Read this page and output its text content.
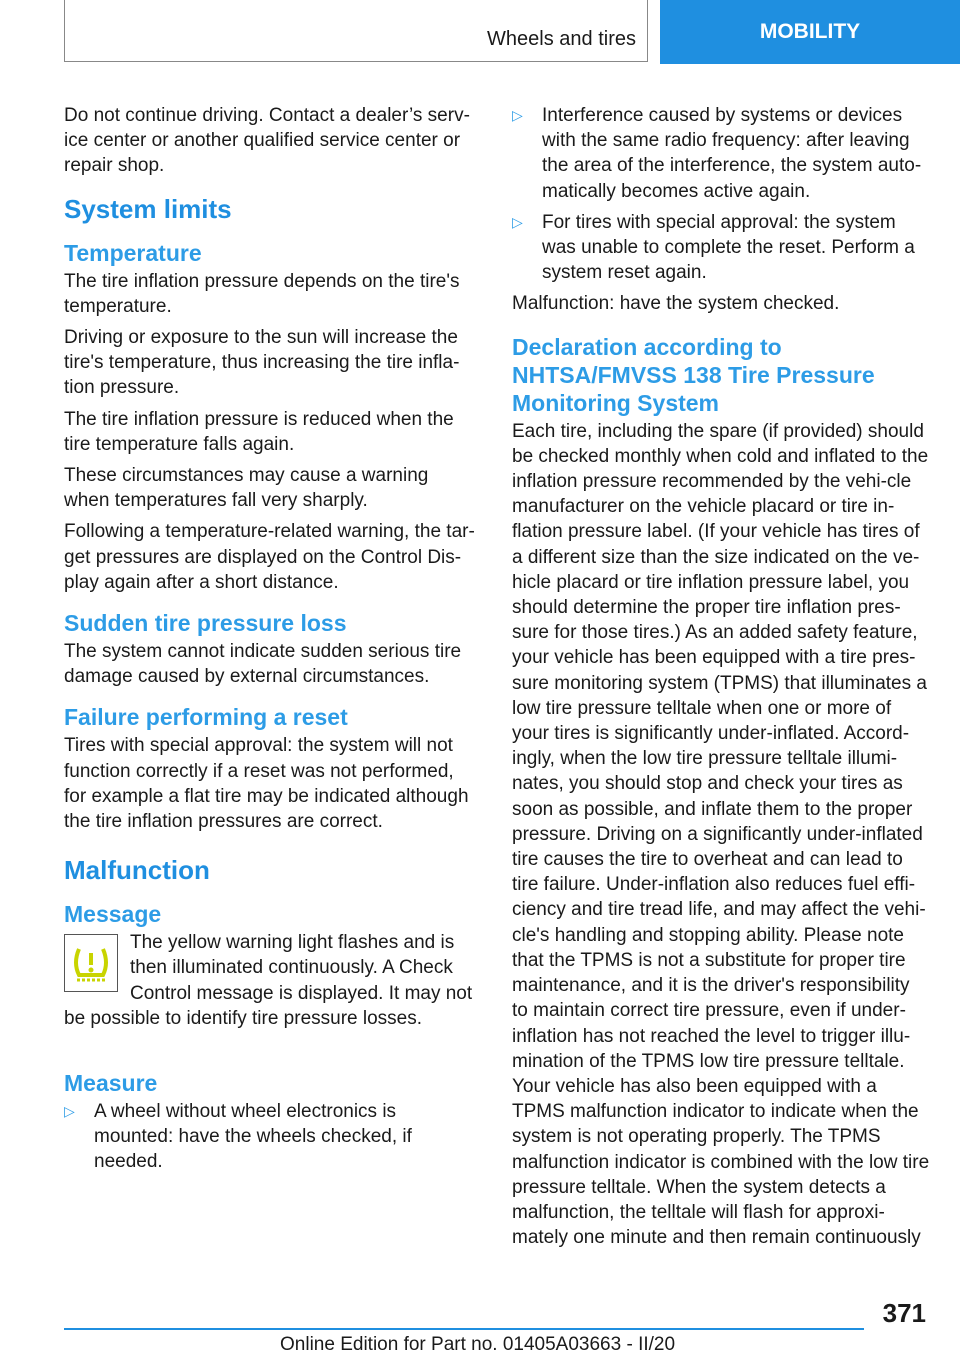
Wheels and tires	MOBILITY

Do not continue driving. Contact a dealer’s serv‐ice center or another qualified service center or repair shop.

System limits
Temperature

The tire inflation pressure depends on the tire's temperature.

Driving or exposure to the sun will increase the tire's temperature, thus increasing the tire infla‐tion pressure.

The tire inflation pressure is reduced when the tire temperature falls again.

These circumstances may cause a warning when temperatures fall very sharply.

Following a temperature-related warning, the tar‐get pressures are displayed on the Control Dis‐play again after a short distance.

Sudden tire pressure loss

The system cannot indicate sudden serious tire damage caused by external circumstances.

Failure performing a reset

Tires with special approval: the system will not function correctly if a reset was not performed, for example a flat tire may be indicated although the tire inflation pressures are correct.

Malfunction
Message

The yellow warning light flashes and is then illuminated continuously. A Check Control message is displayed. It may not be possible to identify tire pressure losses.

Measure
▷ A wheel without wheel electronics is mounted: have the wheels checked, if needed.
▷ Interference caused by systems or devices with the same radio frequency: after leaving the area of the interference, the system auto‐matically becomes active again.
▷ For tires with special approval: the system was unable to complete the reset. Perform a system reset again.

Malfunction: have the system checked.

Declaration according to NHTSA/FMVSS 138 Tire Pressure Monitoring System

Each tire, including the spare (if provided) should be checked monthly when cold and inflated to the inflation pressure recommended by the vehi‐cle manufacturer on the vehicle placard or tire in‐flation pressure label. (If your vehicle has tires of a different size than the size indicated on the ve‐hicle placard or tire inflation pressure label, you should determine the proper tire inflation pres‐sure for those tires.) As an added safety feature, your vehicle has been equipped with a tire pres‐sure monitoring system (TPMS) that illuminates a low tire pressure telltale when one or more of your tires is significantly under-inflated. Accord‐ingly, when the low tire pressure telltale illumi‐nates, you should stop and check your tires as soon as possible, and inflate them to the proper pressure. Driving on a significantly under-inflated tire causes the tire to overheat and can lead to tire failure. Under-inflation also reduces fuel effi‐ciency and tire tread life, and may affect the vehi‐cle's handling and stopping ability. Please note that the TPMS is not a substitute for proper tire maintenance, and it is the driver's responsibility to maintain correct tire pressure, even if under-inflation has not reached the level to trigger illu‐mination of the TPMS low tire pressure telltale. Your vehicle has also been equipped with a TPMS malfunction indicator to indicate when the system is not operating properly. The TPMS malfunction indicator is combined with the low tire pressure telltale. When the system detects a malfunction, the telltale will flash for approxi‐mately one minute and then remain continuously

371
Online Edition for Part no. 01405A03663 - II/20
